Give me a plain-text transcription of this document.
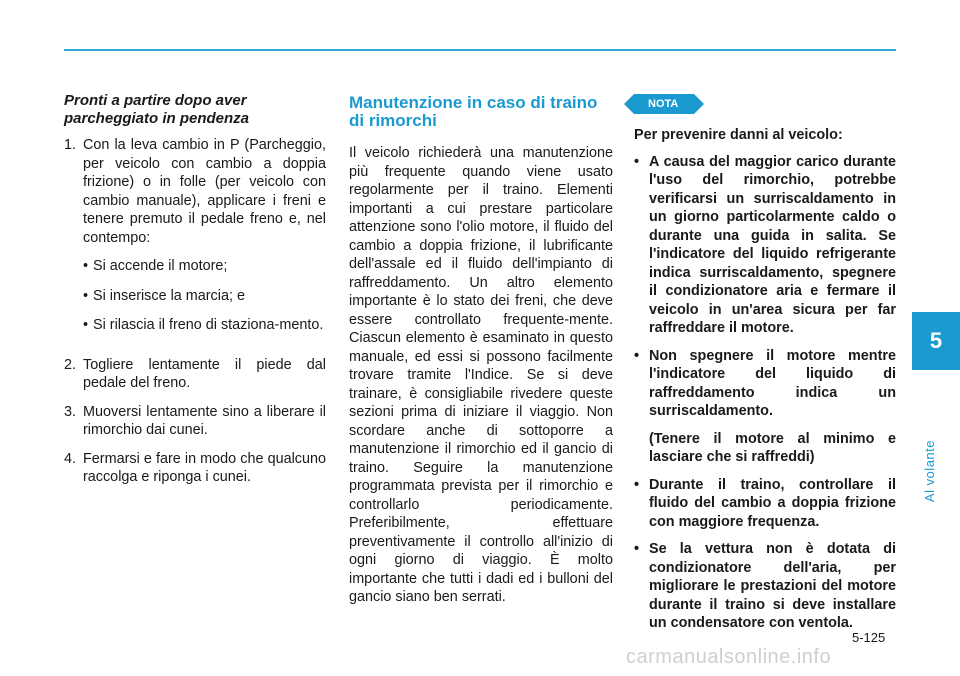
5
Al volante
Pronti a partire dopo aver parcheggiato in pendenza
1. Con la leva cambio in P (Parcheggio, per veicolo con cambio a doppia frizione) o in folle (per veicolo con cambio manuale), applicare i freni e tenere premuto il pedale freno e, nel contempo:
• Si accende il motore;
• Si inserisce la marcia; e
• Si rilascia il freno di staziona-mento.
2. Togliere lentamente il piede dal pedale del freno.
3. Muoversi lentamente sino a liberare il rimorchio dai cunei.
4. Fermarsi e fare in modo che qualcuno raccolga e riponga i cunei.
Manutenzione in caso di traino di rimorchi

Il veicolo richiederà una manutenzione più frequente quando viene usato regolarmente per il traino. Elementi importanti a cui prestare particolare attenzione sono l'olio motore, il fluido del cambio a doppia frizione, il lubrificante dell'assale ed il fluido dell'impianto di raffreddamento. Un altro elemento importante è lo stato dei freni, che deve essere controllato frequente-mente. Ciascun elemento è esaminato in questo manuale, ed essi si possono facilmente trovare tramite l'Indice. Se si deve trainare, è consigliabile rivedere queste sezioni prima di iniziare il viaggio. Non scordare anche di sottoporre a manutenzione il rimorchio ed il gancio di traino. Seguire la manutenzione programmata prevista per il rimorchio e controllarlo periodicamente. Preferibilmente, effettuare preventivamente il controllo all'inizio di ogni giorno di viaggio. È molto importante che tutti i dadi ed i bulloni del gancio siano ben serrati.

NOTA

Per prevenire danni al veicolo:

• A causa del maggior carico durante l'uso del rimorchio, potrebbe verificarsi un surriscaldamento in un giorno particolarmente caldo o durante una guida in salita. Se l'indicatore del liquido refrigerante indica surriscaldamento, spegnere il condizionatore aria e fermare il veicolo in un'area sicura per far raffreddare il motore.
• Non spegnere il motore mentre l'indicatore del liquido di raffreddamento indica un surriscaldamento.
(Tenere il motore al minimo e lasciare che si raffreddi)
• Durante il traino, controllare il fluido del cambio a doppia frizione con maggiore frequenza.
• Se la vettura non è dotata di condizionatore dell'aria, per migliorare le prestazioni del motore durante il traino si deve installare un condensatore con ventola.
5-125
carmanualsonline.info
